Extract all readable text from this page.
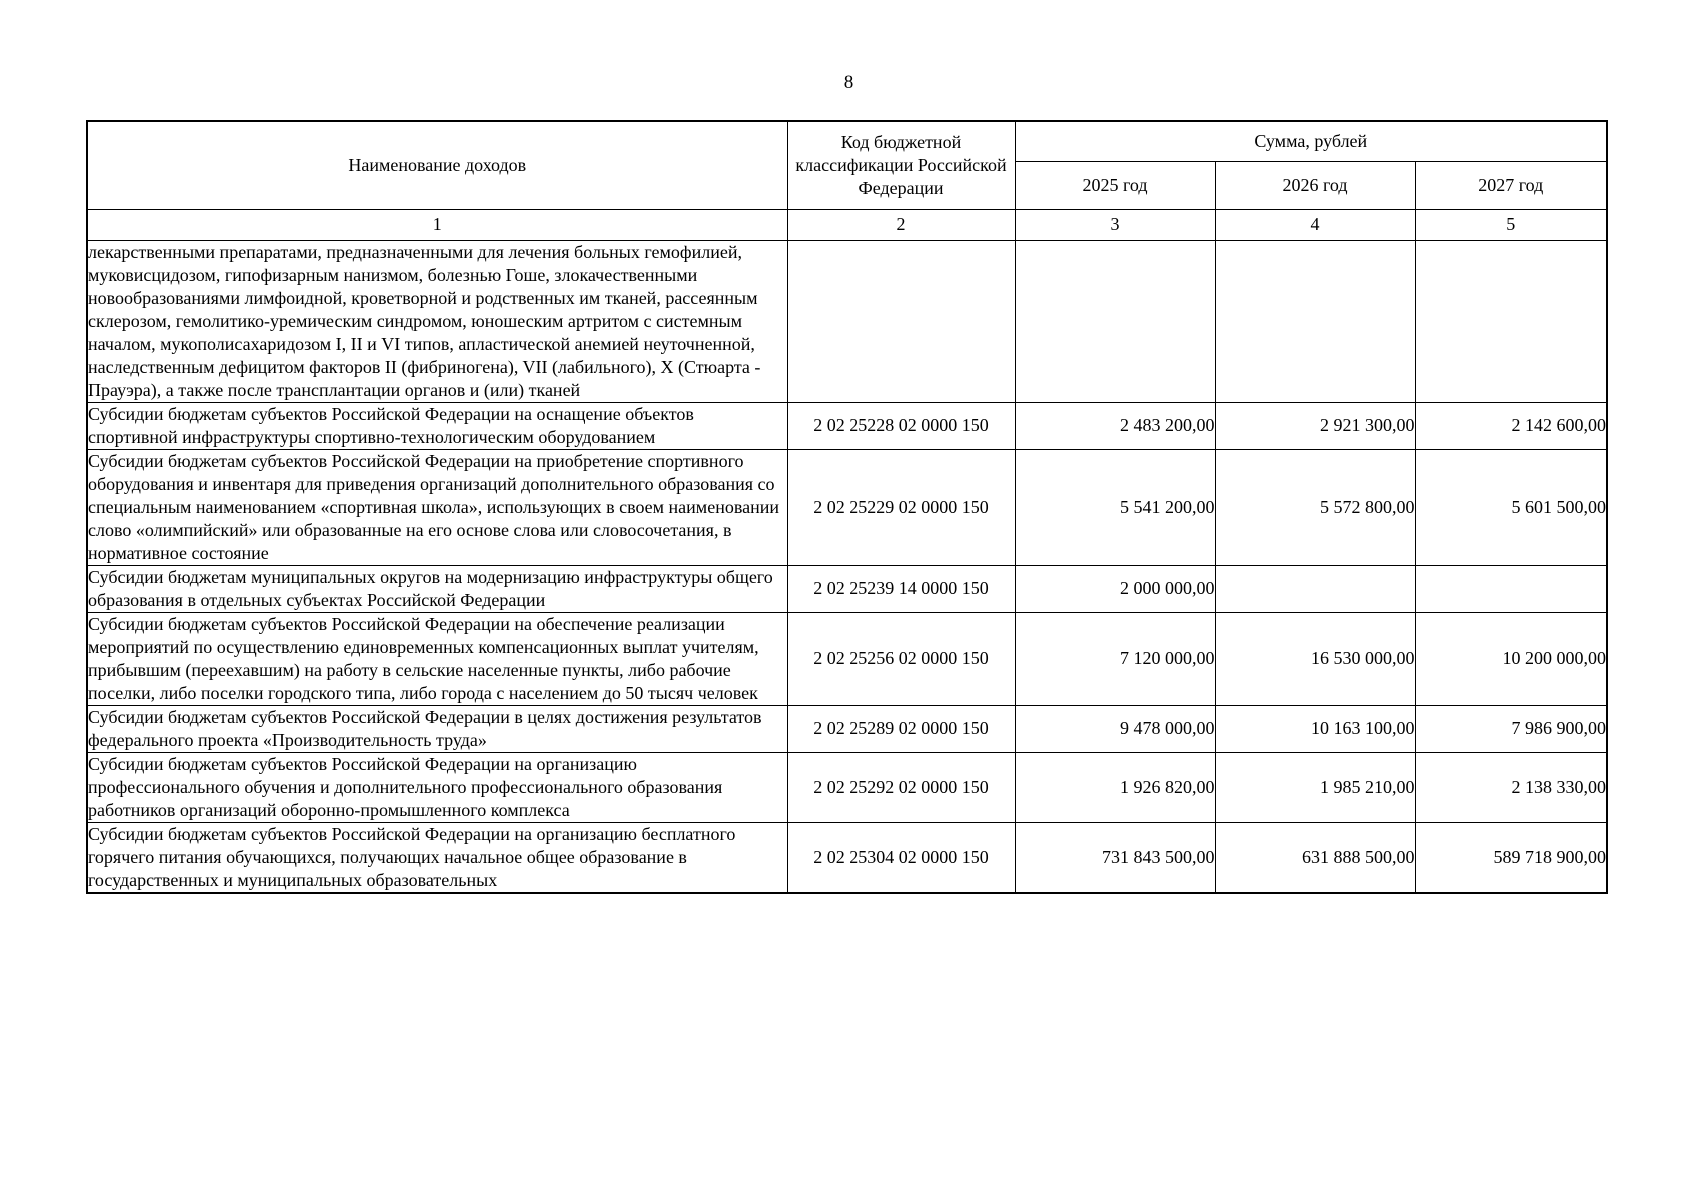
8
Наименование доходов	Код бюджетной классификации Российской Федерации	Сумма, рублей		
		2025 год	2026 год	2027 год
1	2	3	4	5
лекарственными препаратами, предназначенными для лечения больных гемофилией, муковисцидозом, гипофизарным нанизмом, болезнью Гоше, злокачественными новообразованиями лимфоидной, кроветворной и родственных им тканей, рассеянным склерозом, гемолитико-уремическим синдромом, юношеским артритом с системным началом, мукополисахаридозом I, II и VI типов, апластической анемией неуточненной, наследственным дефицитом факторов II (фибриногена), VII (лабильного), X (Стюарта - Прауэра), а также после трансплантации органов и (или) тканей				
Субсидии бюджетам субъектов Российской Федерации на оснащение объектов спортивной инфраструктуры спортивно-технологическим оборудованием	2 02 25228 02 0000 150	2 483 200,00	2 921 300,00	2 142 600,00
Субсидии бюджетам субъектов Российской Федерации на приобретение спортивного оборудования и инвентаря для приведения организаций дополнительного образования со специальным наименованием «спортивная школа», использующих в своем наименовании слово «олимпийский» или образованные на его основе слова или словосочетания, в нормативное состояние	2 02 25229 02 0000 150	5 541 200,00	5 572 800,00	5 601 500,00
Субсидии бюджетам муниципальных округов на модернизацию инфраструктуры общего образования в отдельных субъектах Российской Федерации	2 02 25239 14 0000 150	2 000 000,00		
Субсидии бюджетам субъектов Российской Федерации на обеспечение реализации мероприятий по осуществлению единовременных компенсационных выплат учителям, прибывшим (переехавшим) на работу в сельские населенные пункты, либо рабочие поселки, либо поселки городского типа, либо города с населением до 50 тысяч человек	2 02 25256 02 0000 150	7 120 000,00	16 530 000,00	10 200 000,00
Субсидии бюджетам субъектов Российской Федерации в целях достижения результатов федерального проекта «Производительность труда»	2 02 25289 02 0000 150	9 478 000,00	10 163 100,00	7 986 900,00
Субсидии бюджетам субъектов Российской Федерации на организацию профессионального обучения и дополнительного профессионального образования работников организаций оборонно-промышленного комплекса	2 02 25292 02 0000 150	1 926 820,00	1 985 210,00	2 138 330,00
Субсидии бюджетам субъектов Российской Федерации на организацию бесплатного горячего питания обучающихся, получающих начальное общее образование в государственных и муниципальных образовательных	2 02 25304 02 0000 150	731 843 500,00	631 888 500,00	589 718 900,00
